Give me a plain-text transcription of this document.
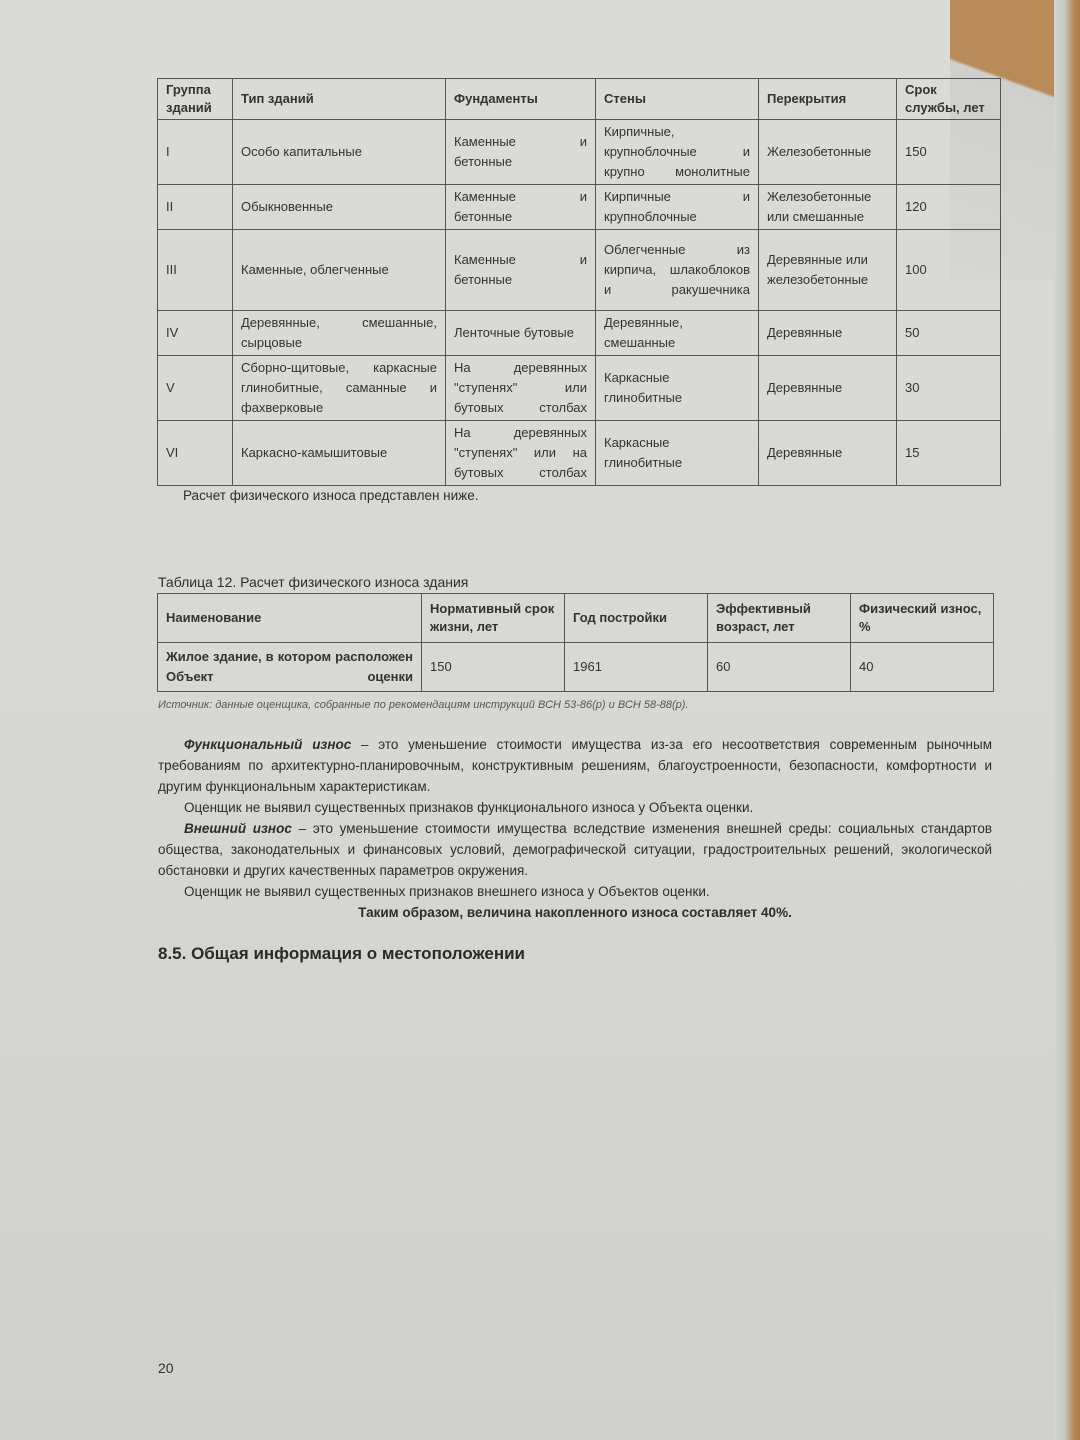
Группа зданий	Тип зданий	Фундаменты	Стены	Перекрытия	Срок службы, лет
I	Особо капитальные	Каменные и бетонные	Кирпичные, крупноблочные и крупно монолитные	Железобетонные	150
II	Обыкновенные	Каменные и бетонные	Кирпичные и крупноблочные	Железобетонные или смешанные	120
III	Каменные, облегченные	Каменные и бетонные	Облегченные из кирпича, шлакоблоков и ракушечника	Деревянные или железобетонные	100
IV	Деревянные, смешанные, сырцовые	Ленточные бутовые	Деревянные, смешанные	Деревянные	50
V	Сборно-щитовые, каркасные глинобитные, саманные и фахверковые	На деревянных "ступенях" или бутовых столбах	Каркасные глинобитные	Деревянные	30
VI	Каркасно-камышитовые	На деревянных "ступенях" или на бутовых столбах	Каркасные глинобитные	Деревянные	15
Расчет физического износа представлен ниже.
Таблица 12. Расчет физического износа здания
Наименование	Нормативный срок жизни, лет	Год постройки	Эффективный возраст, лет	Физический износ, %
Жилое здание, в котором расположен Объект оценки	150	1961	60	40
Источник: данные оценщика, собранные по рекомендациям инструкций ВСН 53-86(р) и ВСН 58-88(р).
Функциональный износ – это уменьшение стоимости имущества из-за его несоответствия современным рыночным требованиям по архитектурно-планировочным, конструктивным решениям, благоустроенности, безопасности, комфортности и другим функциональным характеристикам.
Оценщик не выявил существенных признаков функционального износа у Объекта оценки.
Внешний износ – это уменьшение стоимости имущества вследствие изменения внешней среды: социальных стандартов общества, законодательных и финансовых условий, демографической ситуации, градостроительных решений, экологической обстановки и других качественных параметров окружения.
Оценщик не выявил существенных признаков внешнего износа у Объектов оценки.
Таким образом, величина накопленного износа составляет 40%.
8.5. Общая информация о местоположении
20
